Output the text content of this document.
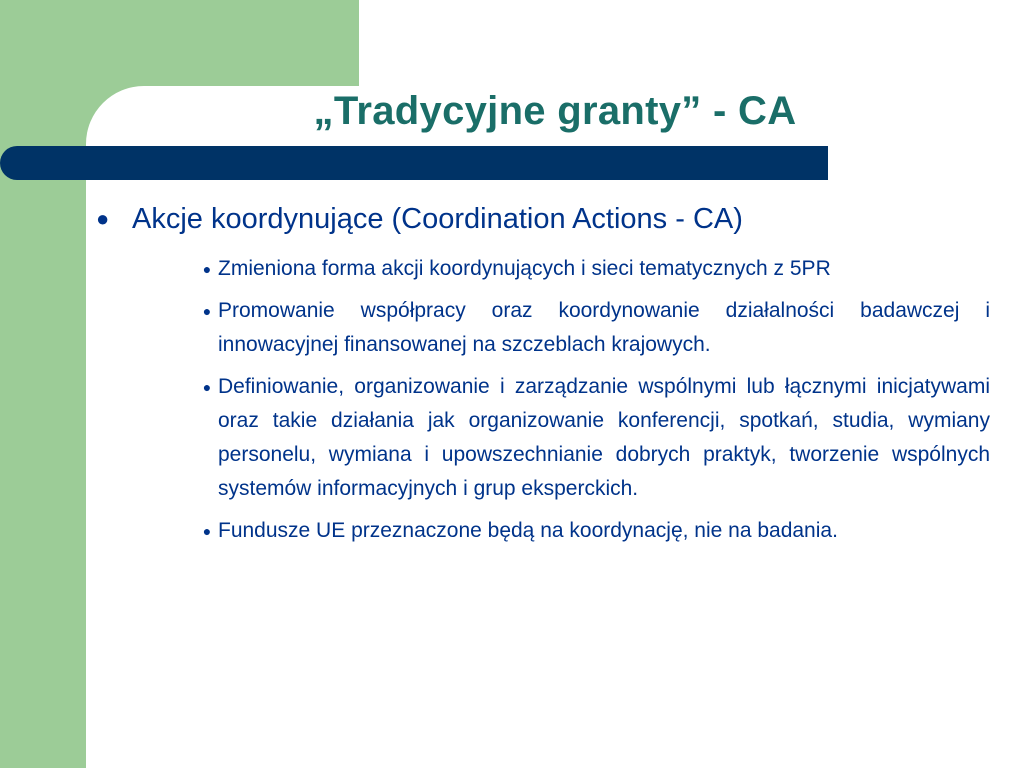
„Tradycyjne granty” - CA
● Akcje koordynujące (Coordination Actions - CA)
● Zmieniona forma akcji koordynujących i sieci tematycznych z 5PR
● Promowanie współpracy oraz koordynowanie działalności badawczej i innowacyjnej finansowanej na szczeblach krajowych.
● Definiowanie, organizowanie i zarządzanie wspólnymi lub łącznymi inicjatywami oraz takie działania jak organizowanie konferencji, spotkań, studia, wymiany personelu, wymiana i upowszechnianie dobrych praktyk, tworzenie wspólnych systemów informacyjnych i grup eksperckich.
● Fundusze UE przeznaczone będą na koordynację, nie na badania.
